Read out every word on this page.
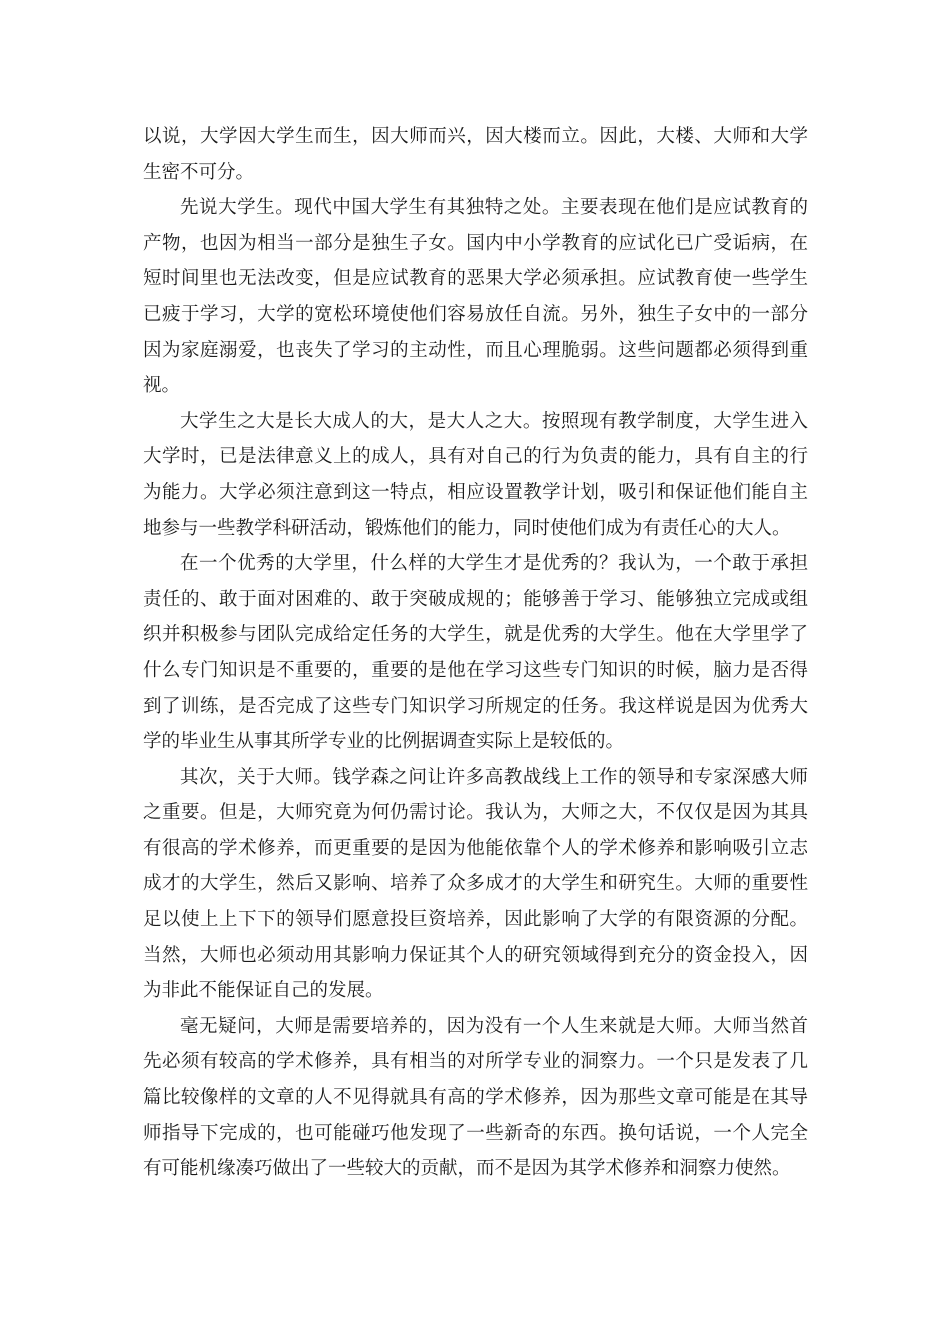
以说，大学因大学生而生，因大师而兴，因大楼而立。因此，大楼、大师和大学生密不可分。

先说大学生。现代中国大学生有其独特之处。主要表现在他们是应试教育的产物，也因为相当一部分是独生子女。国内中小学教育的应试化已广受诟病，在短时间里也无法改变，但是应试教育的恶果大学必须承担。应试教育使一些学生已疲于学习，大学的宽松环境使他们容易放任自流。另外，独生子女中的一部分因为家庭溺爱，也丧失了学习的主动性，而且心理脆弱。这些问题都必须得到重视。

大学生之大是长大成人的大，是大人之大。按照现有教学制度，大学生进入大学时，已是法律意义上的成人，具有对自己的行为负责的能力，具有自主的行为能力。大学必须注意到这一特点，相应设置教学计划，吸引和保证他们能自主地参与一些教学科研活动，锻炼他们的能力，同时使他们成为有责任心的大人。

在一个优秀的大学里，什么样的大学生才是优秀的？我认为，一个敢于承担责任的、敢于面对困难的、敢于突破成规的；能够善于学习、能够独立完成或组织并积极参与团队完成给定任务的大学生，就是优秀的大学生。他在大学里学了什么专门知识是不重要的，重要的是他在学习这些专门知识的时候，脑力是否得到了训练，是否完成了这些专门知识学习所规定的任务。我这样说是因为优秀大学的毕业生从事其所学专业的比例据调查实际上是较低的。

其次，关于大师。钱学森之问让许多高教战线上工作的领导和专家深感大师之重要。但是，大师究竟为何仍需讨论。我认为，大师之大，不仅仅是因为其具有很高的学术修养，而更重要的是因为他能依靠个人的学术修养和影响吸引立志成才的大学生，然后又影响、培养了众多成才的大学生和研究生。大师的重要性足以使上上下下的领导们愿意投巨资培养，因此影响了大学的有限资源的分配。当然，大师也必须动用其影响力保证其个人的研究领域得到充分的资金投入，因为非此不能保证自己的发展。

毫无疑问，大师是需要培养的，因为没有一个人生来就是大师。大师当然首先必须有较高的学术修养，具有相当的对所学专业的洞察力。一个只是发表了几篇比较像样的文章的人不见得就具有高的学术修养，因为那些文章可能是在其导师指导下完成的，也可能碰巧他发现了一些新奇的东西。换句话说，一个人完全有可能机缘凑巧做出了一些较大的贡献，而不是因为其学术修养和洞察力使然。
